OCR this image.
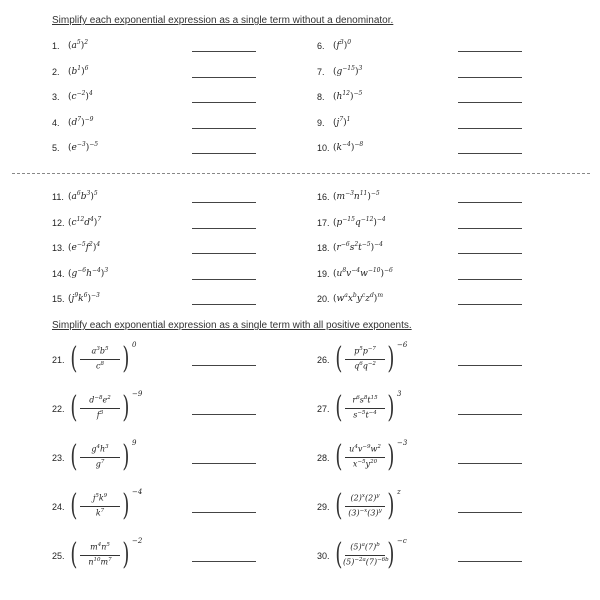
Simplify each exponential expression as a single term without a denominator.
Simplify each exponential expression as a single term with all positive exponents.
1. $(a^5)^2$
2. $(b^1)^6$
3. $(c^{-2})^4$
4. $(d^7)^{-9}$
5. $(e^{-3})^{-5}$
6. $(f^3)^0$
7. $(g^{-15})^3$
8. $(h^{12})^{-5}$
9. $(j^7)^1$
10. $(k^{-4})^{-8}$
11. $(a^6b^3)^5$
12. $(c^{12}d^4)^7$
13. $(e^{-5}f^2)^4$
14. $(g^{-6}h^{-4})^3$
15. $(j^9k^6)^{-3}$
16. $(m^{-3}n^{11})^{-5}$
17. $(p^{-15}q^{-12})^{-4}$
18. $(r^{-6}s^2t^{-5})^{-4}$
19. $(u^8v^{-4}w^{-10})^{-6}$
20. $(w^ax^by^cz^d)^m$
21. (	$a^3b^5$
$c^8$ ) 0
22. (	$d^{-8}e^2$
$f^3$ ) −9
23. (	$g^4h^3$
$g^7$ ) 9
24. (	$j^5k^9$
$k^7$ ) −4
25. (	$m^4n^5$
$n^{10}m^7$ ) −2
26. (	$p^5p^{-7}$
$q^6q^{-2}$ ) −6
27. (	$r^6s^8t^{15}$
$s^{-5}t^{-4}$ ) 3
28. ( $u^4v^{-9}w^2$
$x^{-5}y^{20}$ ) −3
29. (	$(2)^x(2)^y$
$(3)^{-x}(3)^y$ ) z
30. ( $(5)^a(7)^b$
$(5)^{-2a}(7)^{-6b}$
) −c
